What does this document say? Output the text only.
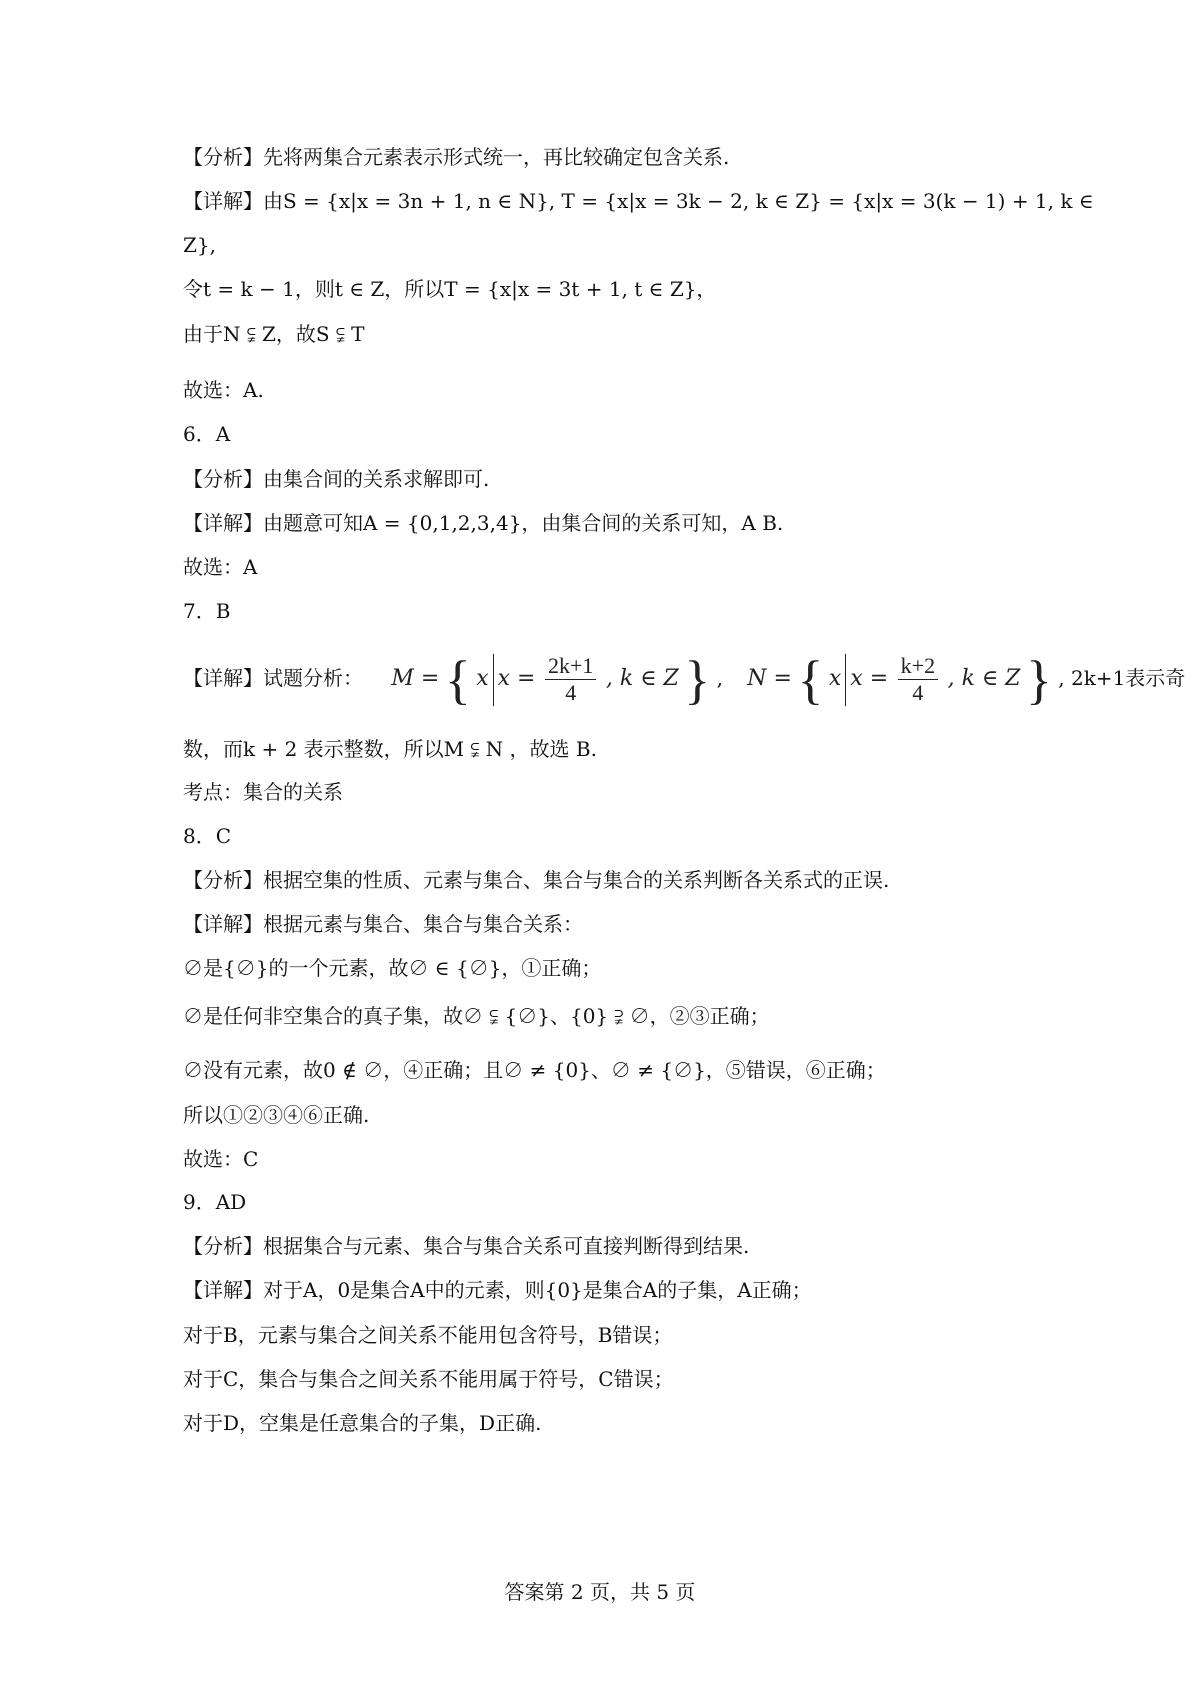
【分析】先将两集合元素表示形式统一，再比较确定包含关系.
【详解】由S = {x|x = 3n + 1, n ∈ N}, T = {x|x = 3k − 2, k ∈ Z} = {x|x = 3(k − 1) + 1, k ∈
Z},
令t = k − 1，则t ∈ Z，所以T = {x|x = 3t + 1, t ∈ Z}，
由于N ⫋ Z，故S ⫋ T
故选：A.
6．A
【分析】由集合间的关系求解即可.
【详解】由题意可知A = {0,1,2,3,4}，由集合间的关系可知，A B.
故选：A
7．B
【详解】试题分析： M = { x $x = \frac{2k+1}{4}$ , k ∈ Z } , N = { x $x = \frac{k+2}{4}$ , k ∈ Z } , 2k+1表示奇
数，而k + 2 表示整数，所以M ⫋ N ，故选 B.
考点：集合的关系
8．C
【分析】根据空集的性质、元素与集合、集合与集合的关系判断各关系式的正误.
【详解】根据元素与集合、集合与集合关系：
∅是{∅}的一个元素，故∅ ∈ {∅}，①正确；
∅是任何非空集合的真子集，故∅ ⫋ {∅}、{0} ⫌ ∅，②③正确；
∅没有元素，故0 ∉ ∅，④正确；且∅ ≠ {0}、∅ ≠ {∅}，⑤错误，⑥正确；
所以①②③④⑥正确.
故选：C
9．AD
【分析】根据集合与元素、集合与集合关系可直接判断得到结果.
【详解】对于A，0是集合A中的元素，则{0}是集合A的子集，A正确；
对于B，元素与集合之间关系不能用包含符号，B错误；
对于C，集合与集合之间关系不能用属于符号，C错误；
对于D，空集是任意集合的子集，D正确.
答案第 2 页，共 5 页
